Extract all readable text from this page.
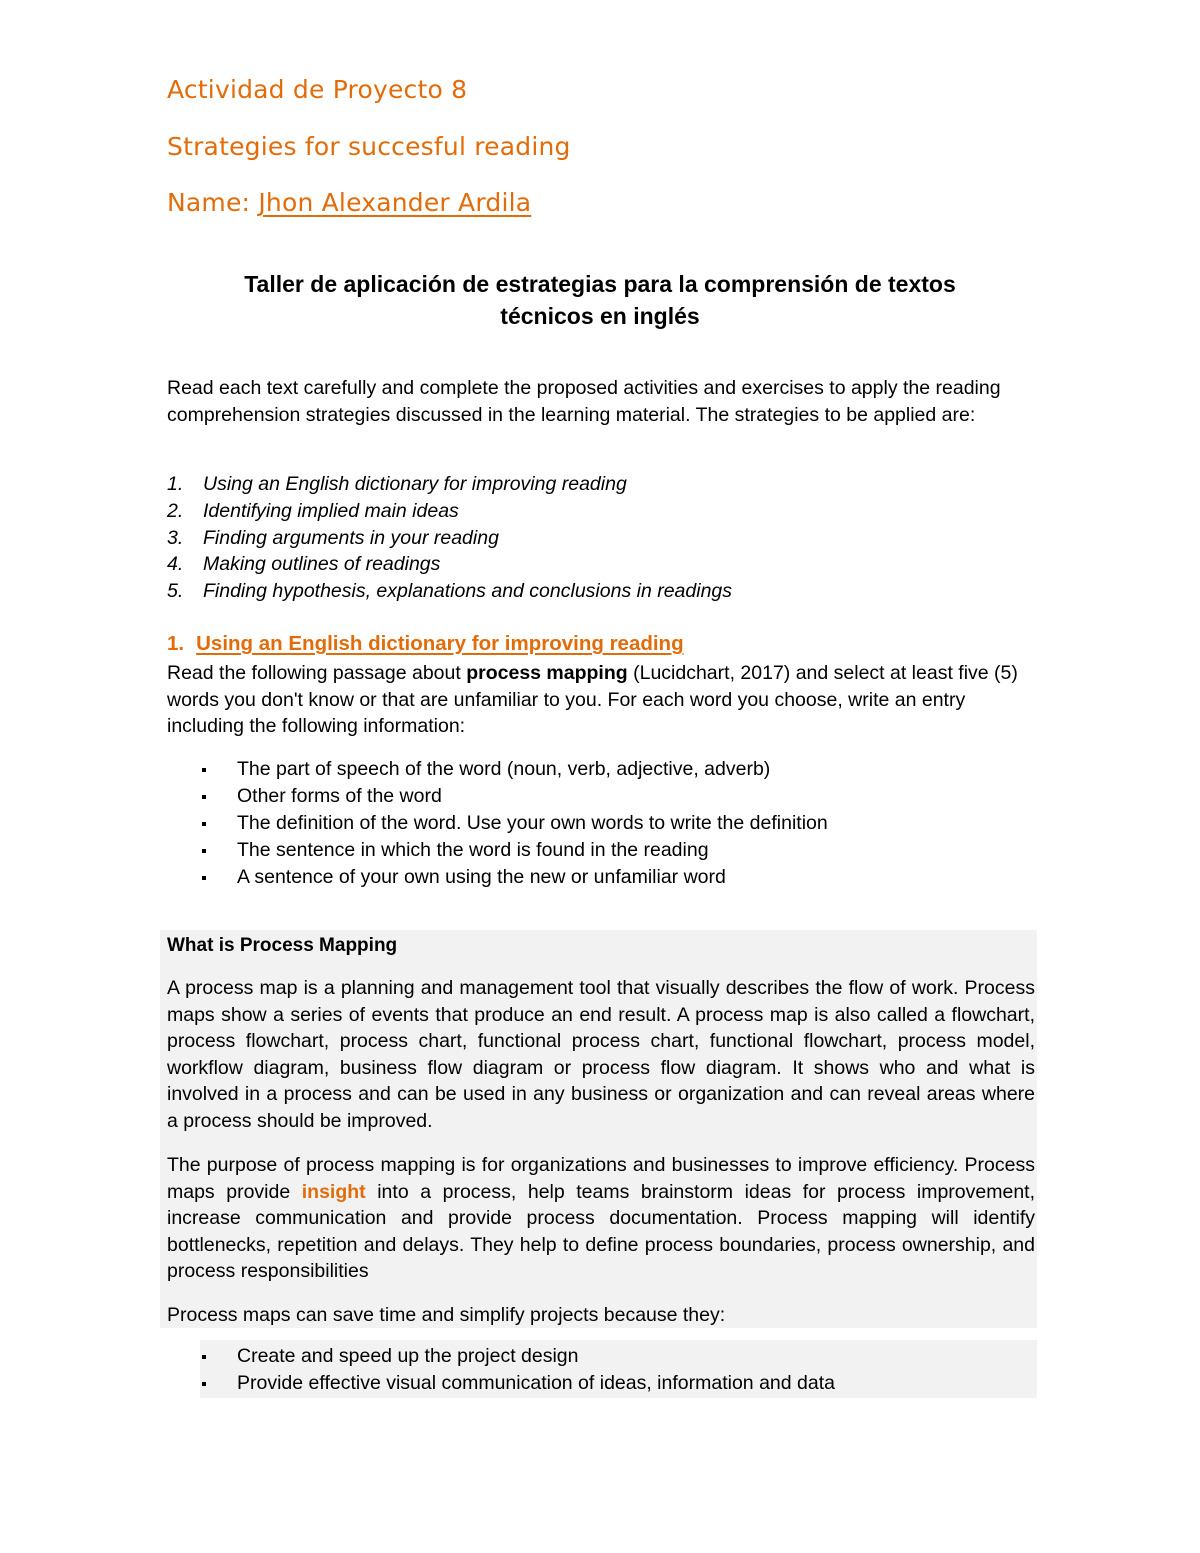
Actividad de Proyecto 8

Strategies for succesful reading

Name: Jhon Alexander Ardila

Taller de aplicación de estrategias para la comprensión de textos
técnicos en inglés

Read each text carefully and complete the proposed activities and exercises to apply the reading comprehension strategies discussed in the learning material. The strategies to be applied are:

1. Using an English dictionary for improving reading
2. Identifying implied main ideas
3. Finding arguments in your reading
4. Making outlines of readings
5. Finding hypothesis, explanations and conclusions in readings
1. Using an English dictionary for improving reading

Read the following passage about process mapping (Lucidchart, 2017) and select at least five (5) words you don't know or that are unfamiliar to you. For each word you choose, write an entry including the following information:

The part of speech of the word (noun, verb, adjective, adverb)
Other forms of the word
The definition of the word. Use your own words to write the definition
The sentence in which the word is found in the reading
A sentence of your own using the new or unfamiliar word
What is Process Mapping

A process map is a planning and management tool that visually describes the flow of work. Process maps show a series of events that produce an end result. A process map is also called a flowchart, process flowchart, process chart, functional process chart, functional flowchart, process model, workflow diagram, business flow diagram or process flow diagram. It shows who and what is involved in a process and can be used in any business or organization and can reveal areas where a process should be improved.

The purpose of process mapping is for organizations and businesses to improve efficiency. Process maps provide insight into a process, help teams brainstorm ideas for process improvement, increase communication and provide process documentation. Process mapping will identify bottlenecks, repetition and delays. They help to define process boundaries, process ownership, and process responsibilities

Process maps can save time and simplify projects because they:

Create and speed up the project design
Provide effective visual communication of ideas, information and data
